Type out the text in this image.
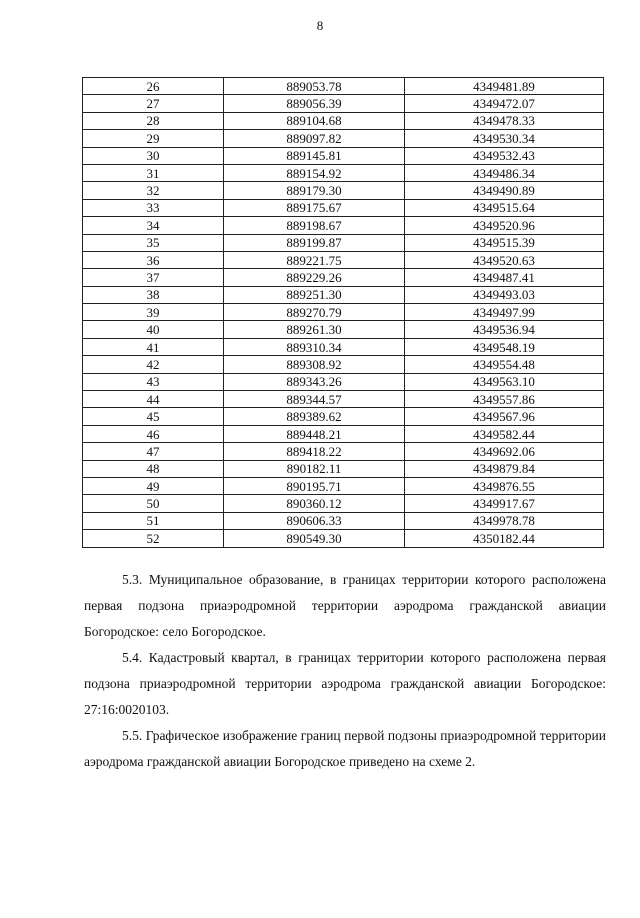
8
26	889053.78	4349481.89
27	889056.39	4349472.07
28	889104.68	4349478.33
29	889097.82	4349530.34
30	889145.81	4349532.43
31	889154.92	4349486.34
32	889179.30	4349490.89
33	889175.67	4349515.64
34	889198.67	4349520.96
35	889199.87	4349515.39
36	889221.75	4349520.63
37	889229.26	4349487.41
38	889251.30	4349493.03
39	889270.79	4349497.99
40	889261.30	4349536.94
41	889310.34	4349548.19
42	889308.92	4349554.48
43	889343.26	4349563.10
44	889344.57	4349557.86
45	889389.62	4349567.96
46	889448.21	4349582.44
47	889418.22	4349692.06
48	890182.11	4349879.84
49	890195.71	4349876.55
50	890360.12	4349917.67
51	890606.33	4349978.78
52	890549.30	4350182.44

5.3. Муниципальное образование, в границах территории которого расположена первая подзона приаэродромной территории аэродрома гражданской авиации Богородское: село Богородское.

5.4. Кадастровый квартал, в границах территории которого расположена первая подзона приаэродромной территории аэродрома гражданской авиации Богородское: 27:16:0020103.

5.5. Графическое изображение границ первой подзоны приаэродромной территории аэродрома гражданской авиации Богородское приведено на схеме 2.
